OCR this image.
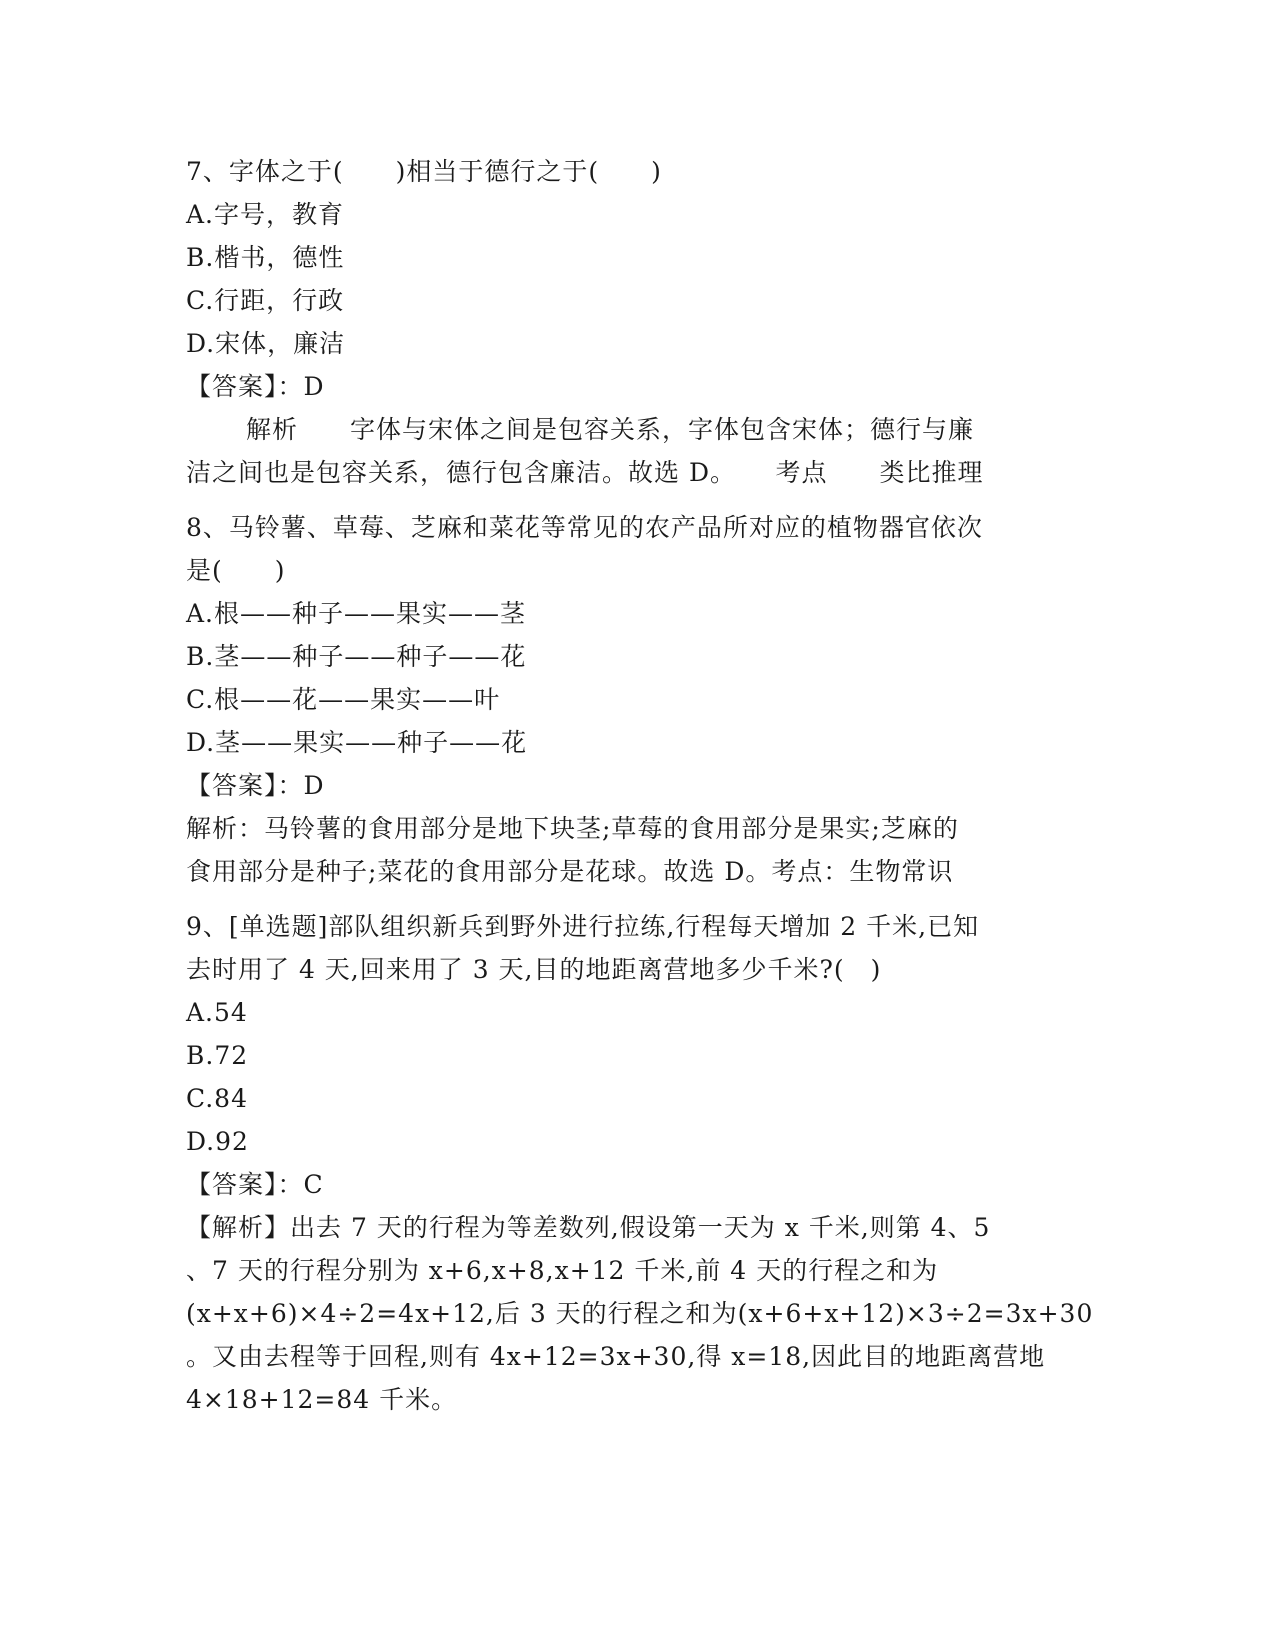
7、字体之于(　　)相当于德行之于(　　)
A.字号，教育
B.楷书，德性
C.行距，行政
D.宋体，廉洁
【答案】：D
解析　　字体与宋体之间是包容关系，字体包含宋体；德行与廉
洁之间也是包容关系，德行包含廉洁。故选 D。　　考点　　类比推理
8、马铃薯、草莓、芝麻和菜花等常见的农产品所对应的植物器官依次
是(　　)
A.根——种子——果实——茎
B.茎——种子——种子——花
C.根——花——果实——叶
D.茎——果实——种子——花
【答案】：D
解析：马铃薯的食用部分是地下块茎;草莓的食用部分是果实;芝麻的
食用部分是种子;菜花的食用部分是花球。故选 D。考点：生物常识
9、[单选题]部队组织新兵到野外进行拉练,行程每天增加 2 千米,已知
去时用了 4 天,回来用了 3 天,目的地距离营地多少千米?(　)
A.54
B.72
C.84
D.92
【答案】：C
【解析】出去 7 天的行程为等差数列,假设第一天为 x 千米,则第 4、5
、7 天的行程分别为 x+6,x+8,x+12 千米,前 4 天的行程之和为
(x+x+6)×4÷2=4x+12,后 3 天的行程之和为(x+6+x+12)×3÷2=3x+30
。又由去程等于回程,则有 4x+12=3x+30,得 x=18,因此目的地距离营地
4×18+12=84 千米。
